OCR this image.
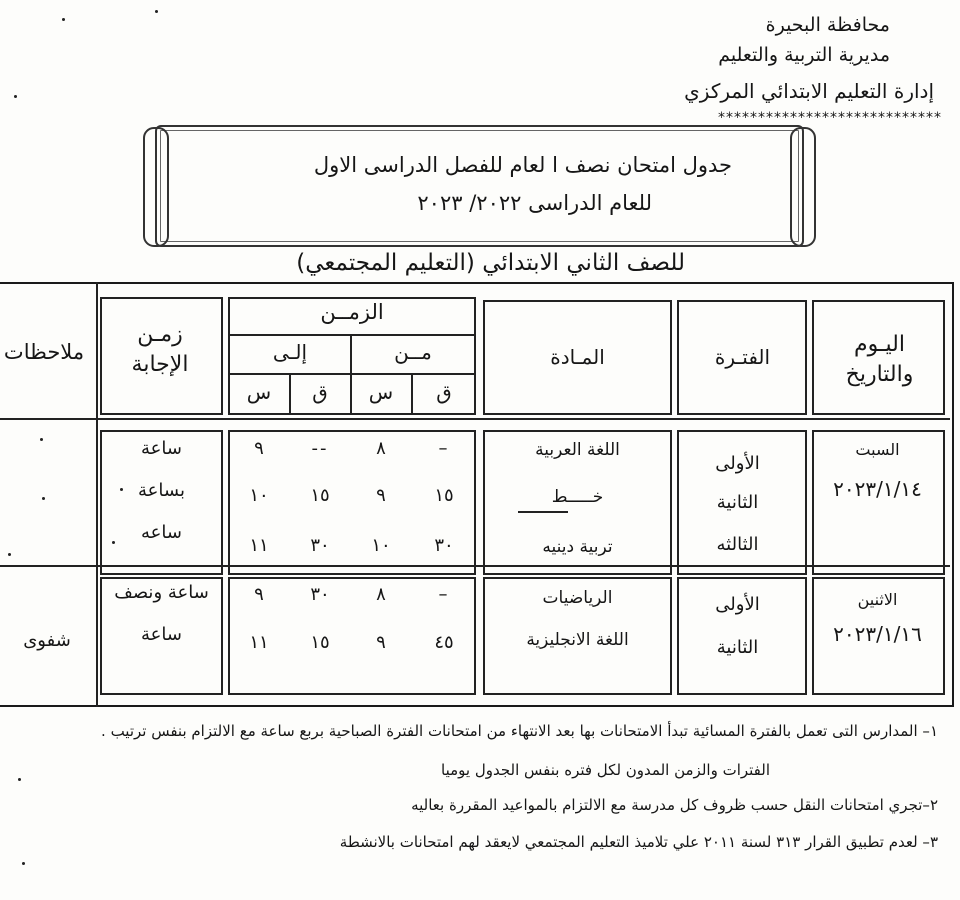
محافظة البحيرة
مديرية التربية والتعليم
إدارة التعليم الابتدائي المركزي
****************************
جدول امتحان نصف ا لعام للفصل الدراسى الاول
للعام الدراسى ٢٠٢٢/ ٢٠٢٣
للصف الثاني الابتدائي (التعليم المجتمعي)
اليـوم والتاريخ
الفتـرة
المـادة
الزمــن
مــن
إلـى
ق
س
ق
س
زمـن الإجابة
ملاحظات
السبت
٢٠٢٣/١/١٤
الأولى
الثانية
الثالثه
اللغة العربية
خـــــط
تربية دينيه
–
٨
--
٩
١٥
٩
١٥
١٠
٣٠
١٠
٣٠
١١
ساعة
بساعة
ساعه
الاثنين
٢٠٢٣/١/١٦
الأولى
الثانية
الرياضيات
اللغة الانجليزية
–
٨
٣٠
٩
٤٥
٩
١٥
١١
ساعة ونصف
ساعة
شفوى
١– المدارس التى تعمل بالفترة المسائية تبدأ الامتحانات بها بعد الانتهاء من امتحانات الفترة الصباحية بربع ساعة مع الالتزام بنفس ترتيب .
الفترات والزمن المدون لكل فتره بنفس الجدول يوميا
٢–تجري امتحانات النقل حسب ظروف كل مدرسة مع الالتزام بالمواعيد المقررة بعاليه
٣– لعدم تطبيق القرار ٣١٣ لسنة ٢٠١١ علي تلاميذ التعليم المجتمعي لايعقد لهم امتحانات بالانشطة
